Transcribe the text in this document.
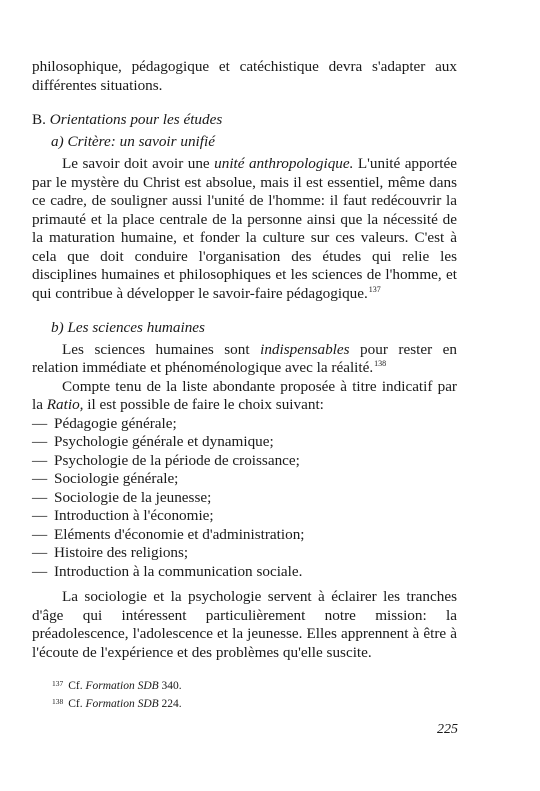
philosophique, pédagogique et catéchistique devra s'adapter aux différentes situations.

B. Orientations pour les études

a) Critère: un savoir unifié

Le savoir doit avoir une unité anthropologique. L'unité apportée par le mystère du Christ est absolue, mais il est essentiel, même dans ce cadre, de souligner aussi l'unité de l'homme: il faut redécouvrir la primauté et la place centrale de la personne ainsi que la nécessité de la maturation humaine, et fonder la culture sur ces valeurs. C'est à cela que doit conduire l'organisation des études qui relie les disciplines humaines et philosophiques et les sciences de l'homme, et qui contribue à développer le savoir-faire pédagogique.$^{137}$

b) Les sciences humaines

Les sciences humaines sont indispensables pour rester en relation immédiate et phénoménologique avec la réalité.$^{138}$

Compte tenu de la liste abondante proposée à titre indicatif par la Ratio, il est possible de faire le choix suivant:

— Pédagogie générale;
— Psychologie générale et dynamique;
— Psychologie de la période de croissance;
— Sociologie générale;
— Sociologie de la jeunesse;
— Introduction à l'économie;
— Eléments d'économie et d'administration;
— Histoire des religions;
— Introduction à la communication sociale.

La sociologie et la psychologie servent à éclairer les tranches d'âge qui intéressent particulièrement notre mission: la préadolescence, l'adolescence et la jeunesse. Elles apprennent à être à l'écoute de l'expérience et des problèmes qu'elle suscite.

$^{137}$ Cf. Formation SDB 340.
$^{138}$ Cf. Formation SDB 224.
225
